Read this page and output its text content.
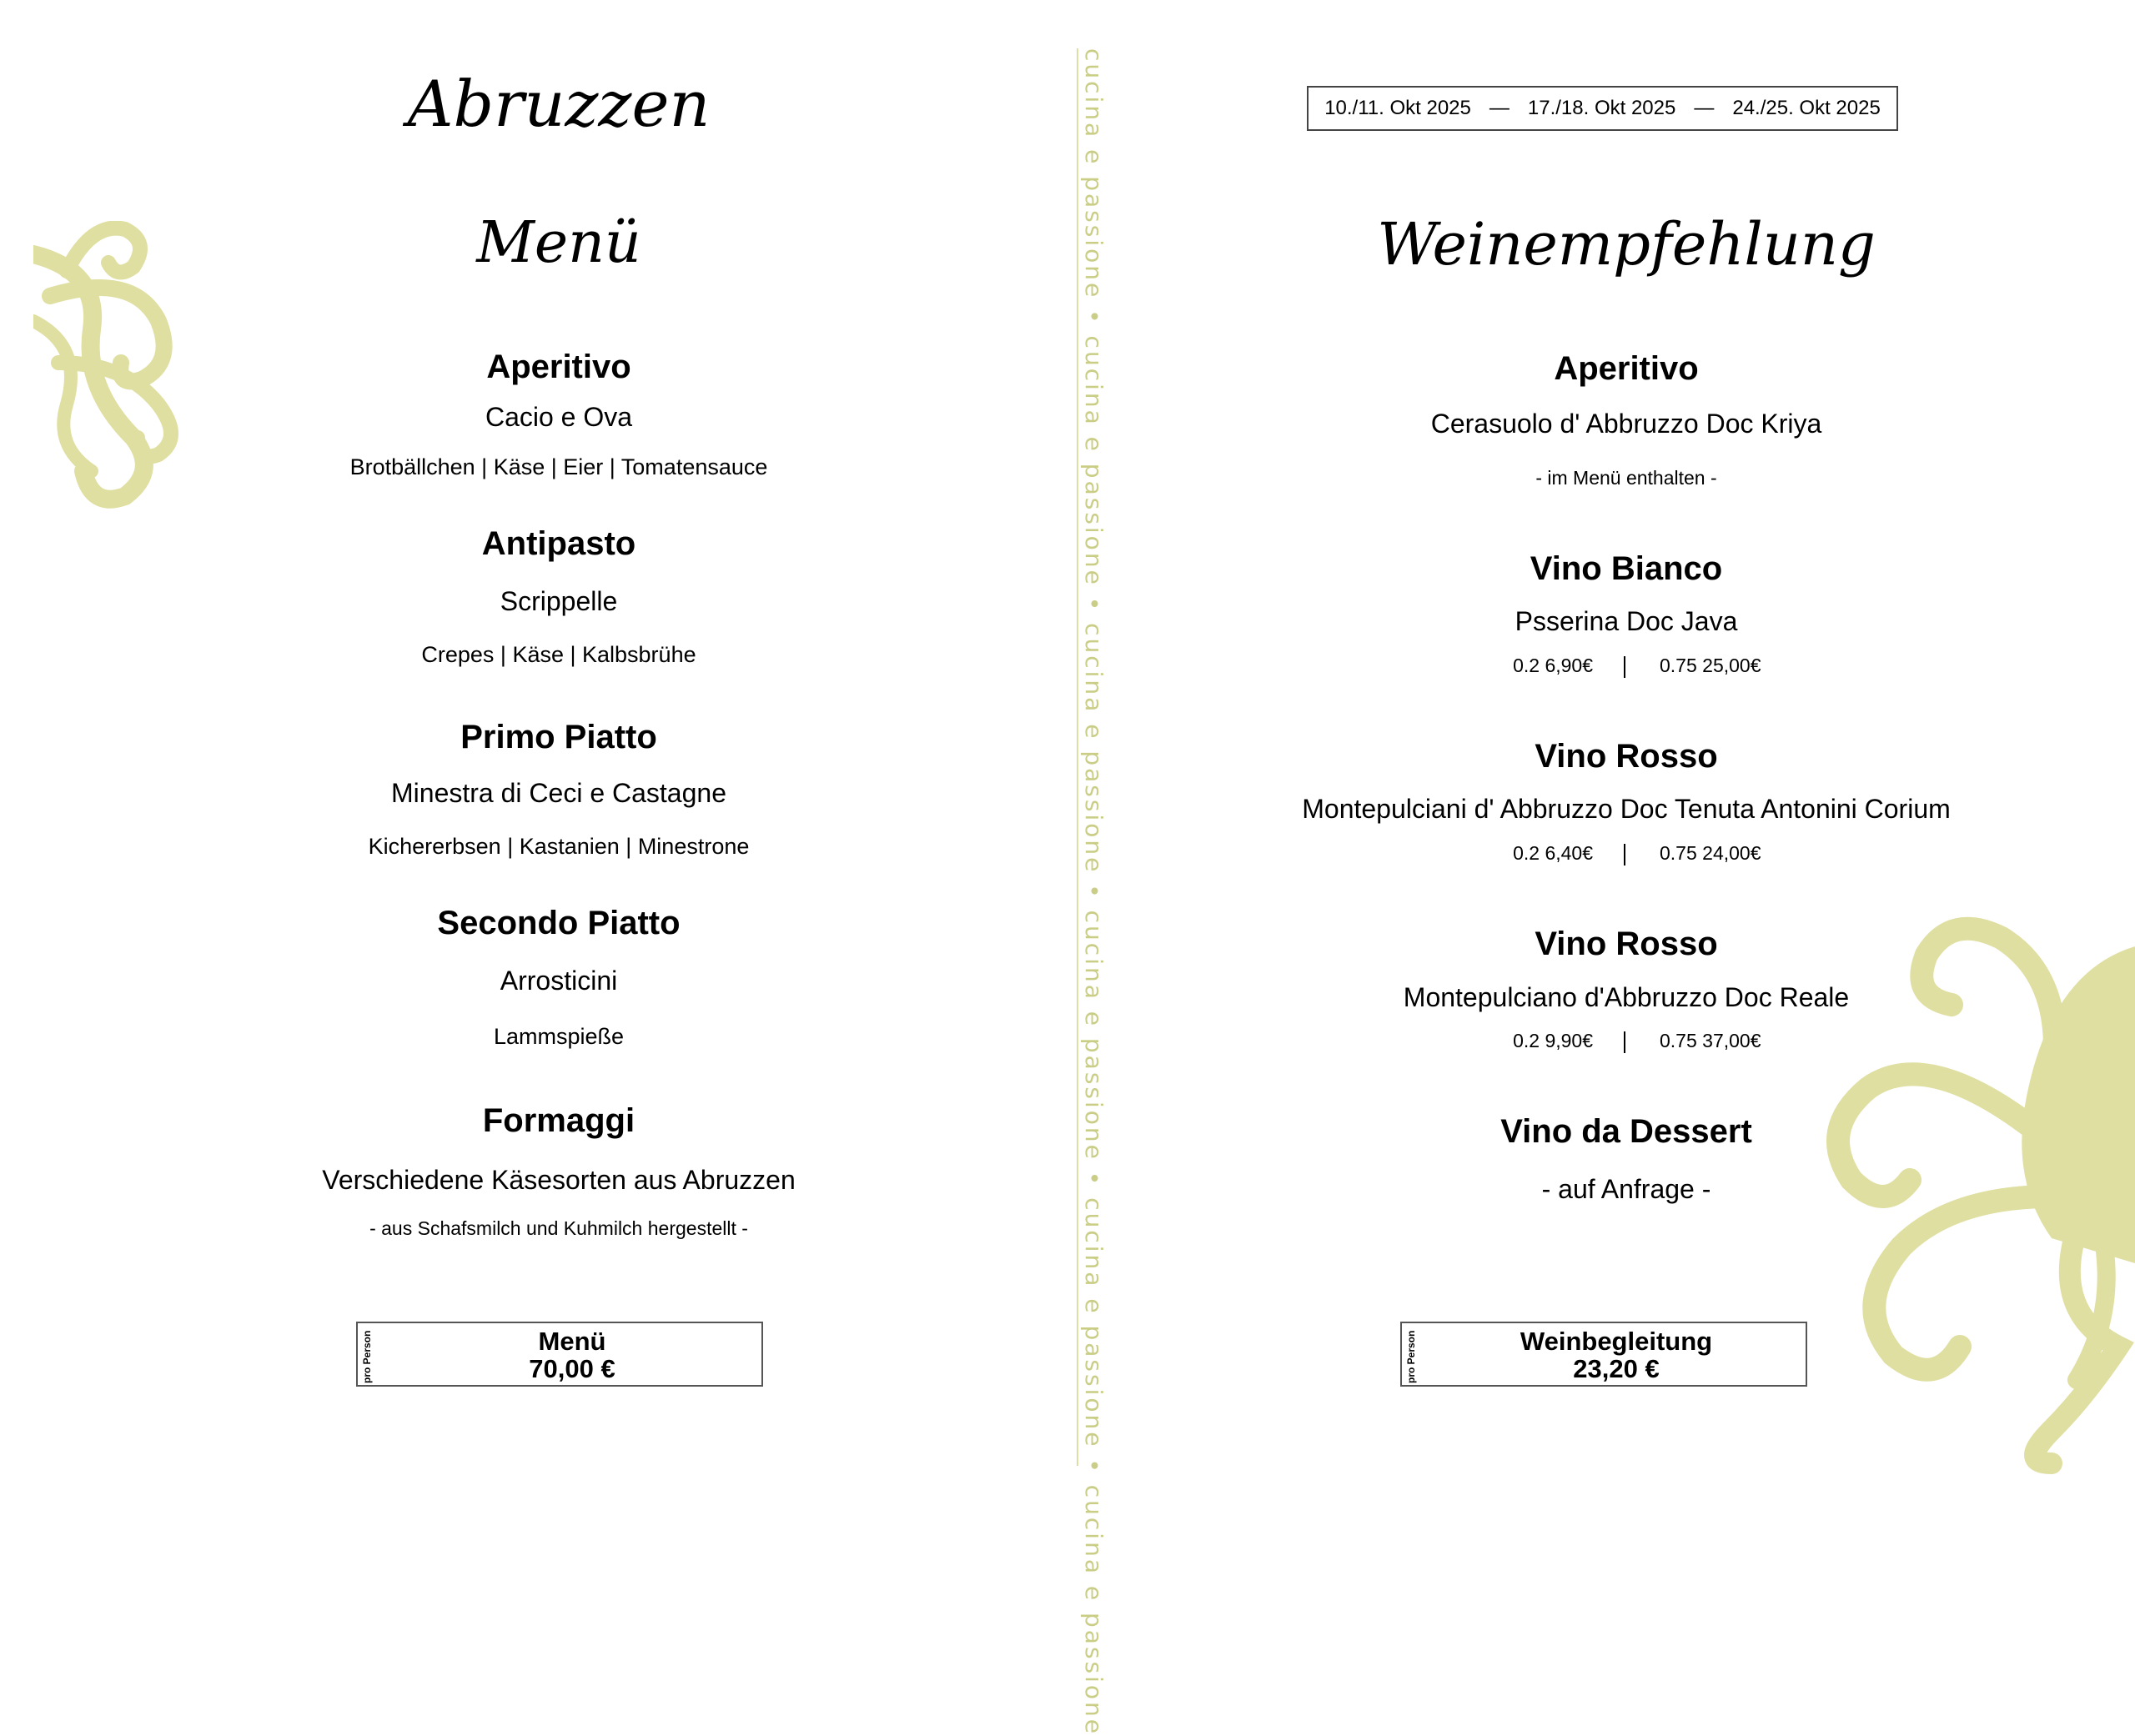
Abruzzen
Menü
Aperitivo
Cacio e Ova
Brotbällchen | Käse | Eier | Tomatensauce
Antipasto
Scrippelle
Crepes | Käse | Kalbsbrühe
Primo Piatto
Minestra di Ceci e Castagne
Kichererbsen | Kastanien | Minestrone
Secondo Piatto
Arrosticini
Lammspieße
Formaggi
Verschiedene Käsesorten aus Abruzzen
- aus Schafsmilch und Kuhmilch hergestellt -
pro Person	Menü
70,00 €	cucina e passione • cucina e passione • cucina e passione • cucina e passione • cucina e passione • cucina e passione	10./11. Okt 2025 — 17./18. Okt 2025 — 24./25. Okt 2025
Weinempfehlung
Aperitivo
Cerasuolo d' Abbruzzo Doc Kriya
- im Menü enthalten -
Vino Bianco
Psserina Doc Java
0.2 6,90€	0.75 25,00€
Vino Rosso
Montepulciani d' Abbruzzo Doc Tenuta Antonini Corium
0.2 6,40€	0.75 24,00€
Vino Rosso
Montepulciano d'Abbruzzo Doc Reale
0.2 9,90€	0.75 37,00€
Vino da Dessert
- auf Anfrage -
pro Person	Weinbegleitung
23,20 €
